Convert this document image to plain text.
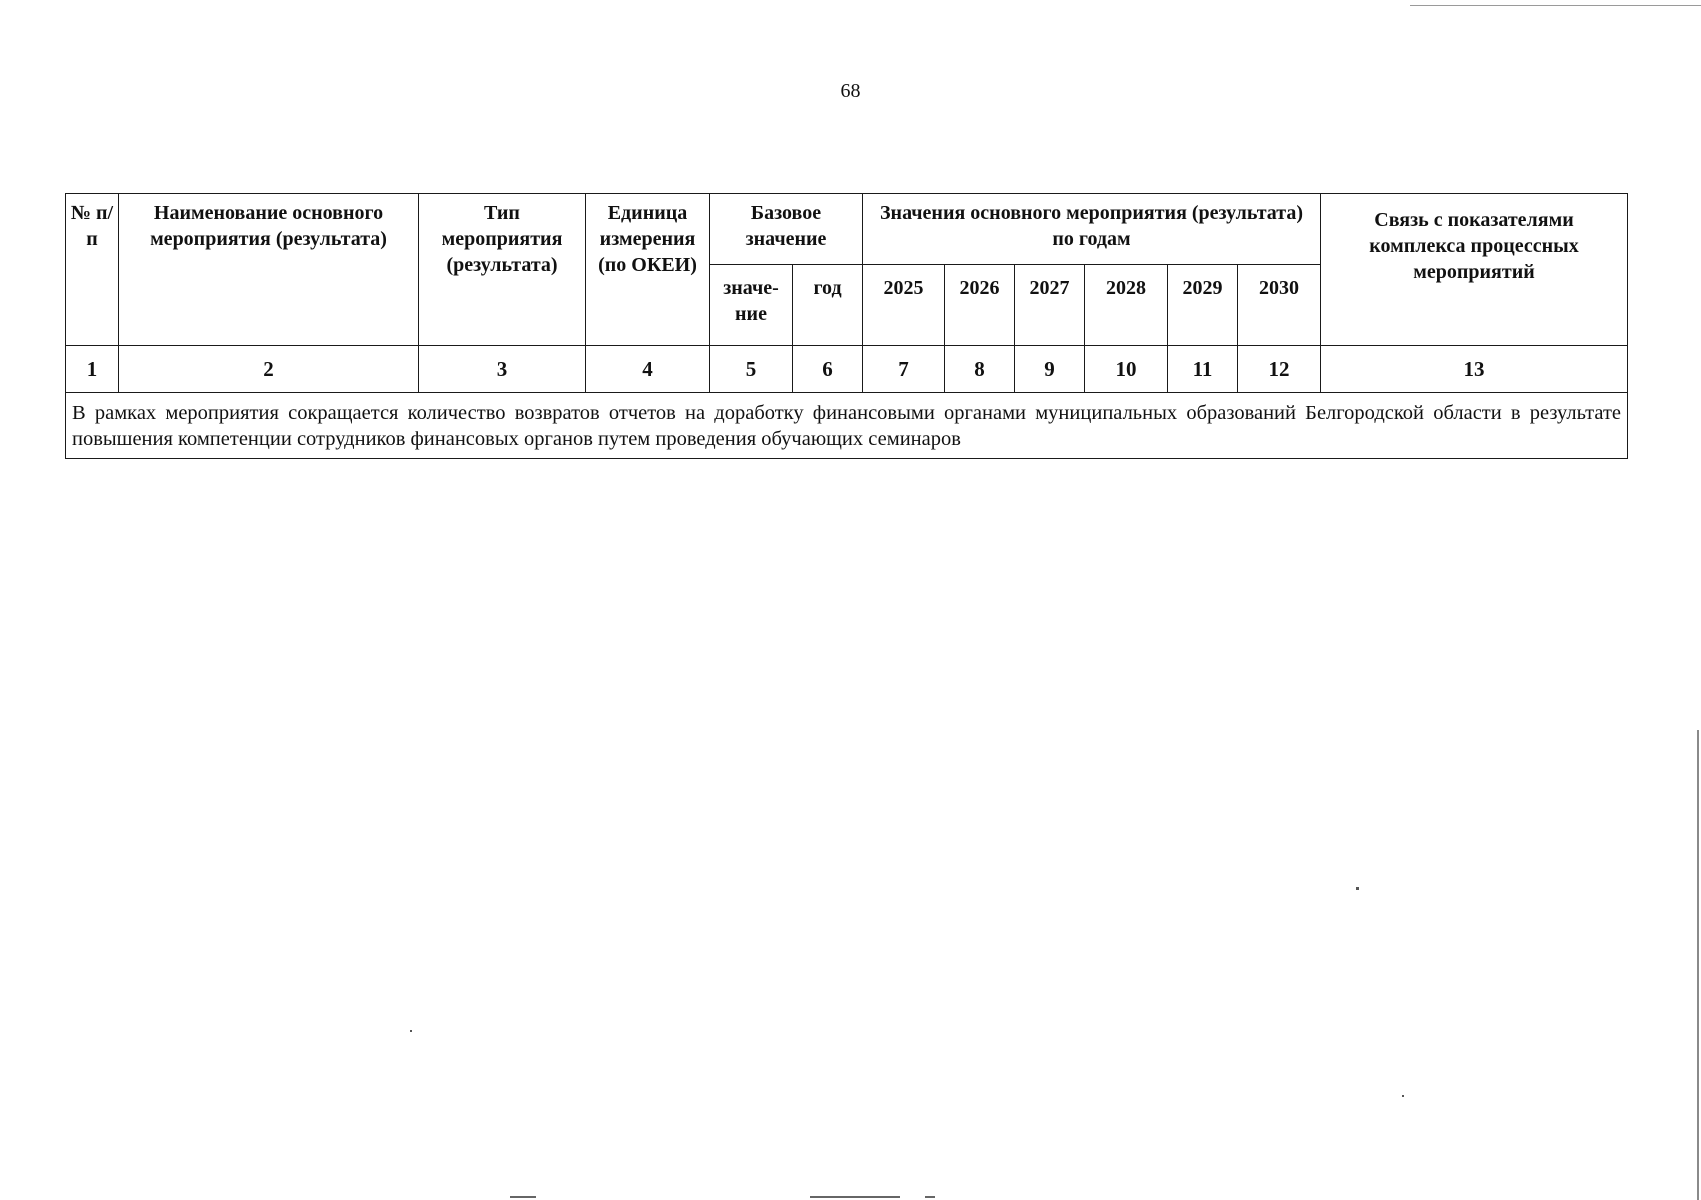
68
№ п/п	Наименование основного мероприятия (результата)	Тип мероприятия (результата)	Единица измерения (по ОКЕИ)	Базовое значение		Значения основного мероприятия (результата) по годам						Связь с показателями комплекса процессных мероприятий
				значе-ние	год	2025	2026	2027	2028	2029	2030	
1	2	3	4	5	6	7	8	9	10	11	12	13
В рамках мероприятия сокращается количество возвратов отчетов на доработку финансовыми органами муниципальных образований Белгородской области в результате повышения компетенции сотрудников финансовых органов путем проведения обучающих семинаров												
